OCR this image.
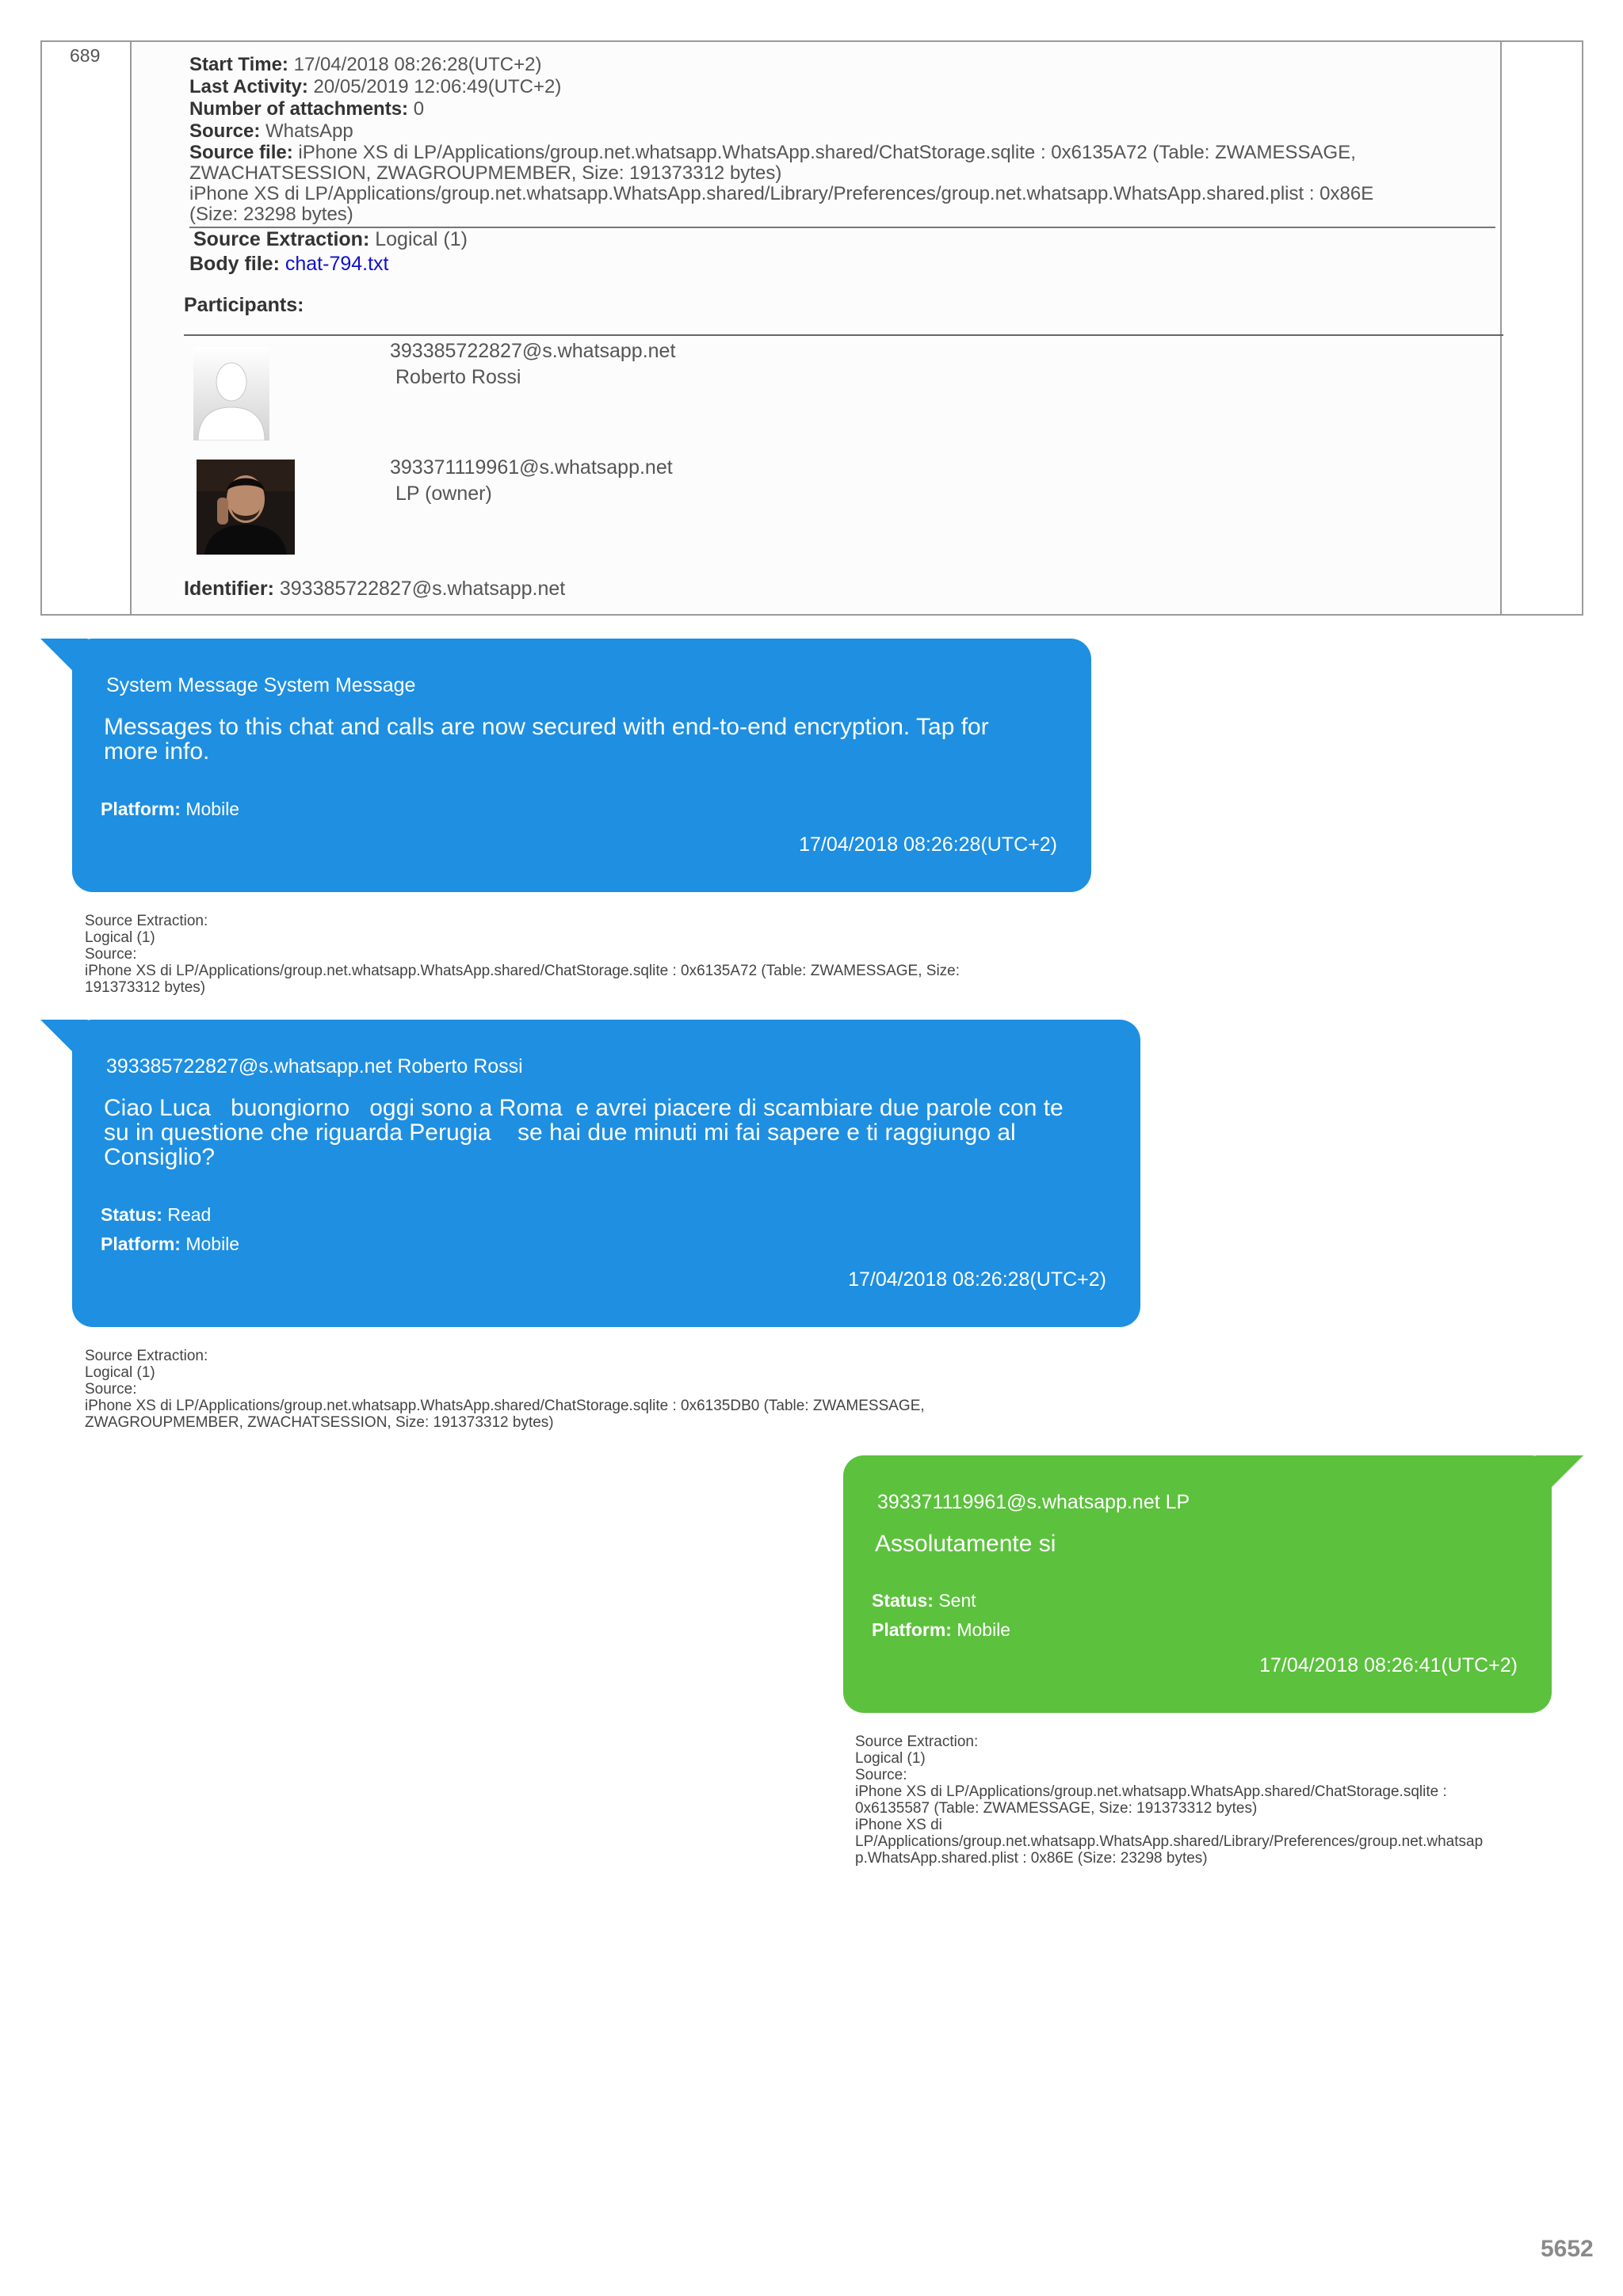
689	Start Time: 17/04/2018 08:26:28(UTC+2)
Last Activity: 20/05/2019 12:06:49(UTC+2)
Number of attachments: 0
Source: WhatsApp
Source file: iPhone XS di LP/Applications/group.net.whatsapp.WhatsApp.shared/ChatStorage.sqlite : 0x6135A72 (Table: ZWAMESSAGE,
ZWACHATSESSION, ZWAGROUPMEMBER, Size: 191373312 bytes)
iPhone XS di LP/Applications/group.net.whatsapp.WhatsApp.shared/Library/Preferences/group.net.whatsapp.WhatsApp.shared.plist : 0x86E
(Size: 23298 bytes)
Source Extraction: Logical (1)
Body file: chat-794.txt
Participants:
393385722827@s.whatsapp.net
Roberto Rossi
393371119961@s.whatsapp.net
LP (owner)
Identifier: 393385722827@s.whatsapp.net
System Message System Message
Messages to this chat and calls are now secured with end-to-end encryption. Tap for
more info.
Platform: Mobile
17/04/2018 08:26:28(UTC+2)
Source Extraction:
Logical (1)
Source:
iPhone XS di LP/Applications/group.net.whatsapp.WhatsApp.shared/ChatStorage.sqlite : 0x6135A72 (Table: ZWAMESSAGE, Size:
191373312 bytes)
393385722827@s.whatsapp.net Roberto Rossi
Ciao Luca   buongiorno   oggi sono a Roma  e avrei piacere di scambiare due parole con te
su in questione che riguarda Perugia    se hai due minuti mi fai sapere e ti raggiungo al
Consiglio?
Status: Read
Platform: Mobile
17/04/2018 08:26:28(UTC+2)
Source Extraction:
Logical (1)
Source:
iPhone XS di LP/Applications/group.net.whatsapp.WhatsApp.shared/ChatStorage.sqlite : 0x6135DB0 (Table: ZWAMESSAGE,
ZWAGROUPMEMBER, ZWACHATSESSION, Size: 191373312 bytes)
393371119961@s.whatsapp.net LP
Assolutamente si
Status: Sent
Platform: Mobile
17/04/2018 08:26:41(UTC+2)
Source Extraction:
Logical (1)
Source:
iPhone XS di LP/Applications/group.net.whatsapp.WhatsApp.shared/ChatStorage.sqlite :
0x6135587 (Table: ZWAMESSAGE, Size: 191373312 bytes)
iPhone XS di
LP/Applications/group.net.whatsapp.WhatsApp.shared/Library/Preferences/group.net.whatsap
p.WhatsApp.shared.plist : 0x86E (Size: 23298 bytes)
5652
